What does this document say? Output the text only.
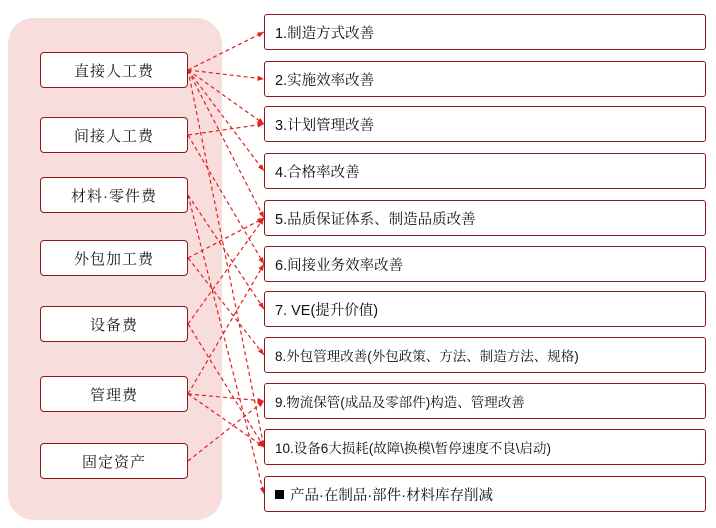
直接人工费
间接人工费
材料·零件费
外包加工费
设备费
管理费
固定资产
1.制造方式改善
2.实施效率改善
3.计划管理改善
4.合格率改善
5.品质保证体系、制造品质改善
6.间接业务效率改善
7. VE(提升价值)
8.外包管理改善(外包政策、方法、制造方法、规格)
9.物流保管(成品及零部件)构造、管理改善
10.设备6大损耗(故障\换模\暂停速度不良\启动)
产品·在制品·部件·材料库存削减
